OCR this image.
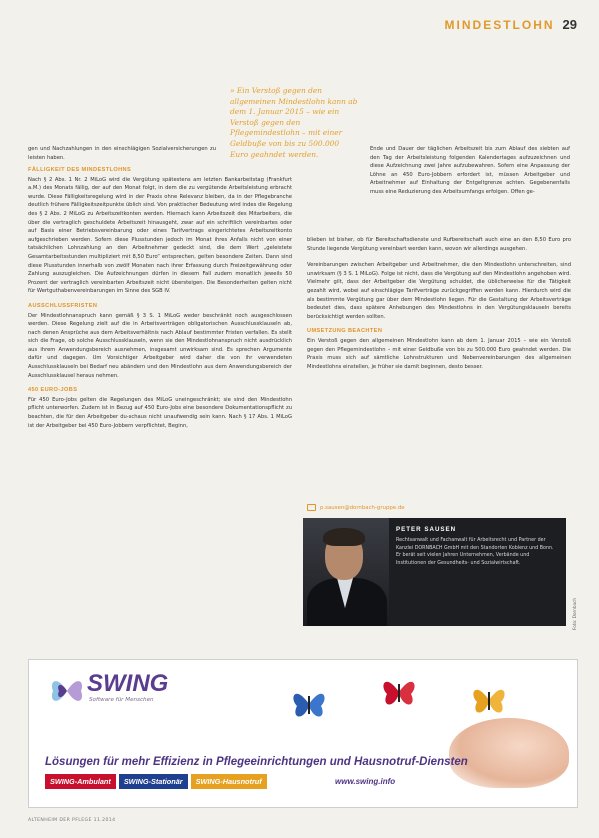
MINDESTLOHN 29

gen und Nachzahlungen in den einschlägigen Sozialversicherungen zu leisten haben.

FÄLLIGKEIT DES MINDESTLOHNS

Nach § 2 Abs. 1 Nr. 2 MiLoG wird die Vergütung spätestens am letzten Bankarbeitstag (Frankfurt a.M.) des Monats fällig, der auf den Monat folgt, in dem die zu vergütende Arbeitsleistung erbracht wurde. Diese Fälligkeitsregelung wird in der Praxis ohne Relevanz bleiben, da in der Pflegebranche deutlich frühere Fälligkeitszeitpunkte üblich sind. Von praktischer Bedeutung wird indes die Regelung des § 2 Abs. 2 MiLoG zu Arbeitszeitkonten werden. Hiernach kann Arbeitszeit des Mitarbeiters, die über die vertraglich geschuldete Arbeitszeit hinausgeht, zwar auf ein schriftlich vereinbartes oder auf Basis einer Betriebsvereinbarung oder eines Tarifvertrags eingerichtetes Arbeitszeitkonto aufgeschrieben werden. Sofern diese Plusstunden jedoch im Monat ihres Anfalls nicht von einer tatsächlichen Lohnzahlung an den Arbeitnehmer gedeckt sind, die dem Wert „geleistete Gesamtarbeitsstunden multipliziert mit 8,50 Euro“ entsprechen, gelten besondere Zeiten. Dann sind diese Plusstunden innerhalb von zwölf Monaten nach ihrer Erfassung durch Freizeitgewährung oder Zahlung auszugleichen. Die Aufzeichnungen dürfen in diesem Fall zudem monatlich jeweils 50 Prozent der vertraglich vereinbarten Arbeitszeit nicht übersteigen. Die Besonderheiten gelten nicht für Wertguthabenvereinbarungen im Sinne des SGB IV.

AUSSCHLUSSFRISTEN

Der Mindestlohnanspruch kann gemäß § 3 S. 1 MiLoG weder beschränkt noch ausgeschlossen werden. Diese Regelung zielt auf die in Arbeitsverträgen obligatorischen Ausschlussklauseln ab, nach denen Ansprüche aus dem Arbeitsverhältnis nach Ablauf bestimmter Fristen verfallen. Es stellt sich die Frage, ob solche Ausschlussklauseln, wenn sie den Mindestlohnanspruch nicht ausdrücklich aus ihrem Anwendungsbereich ausnehmen, insgesamt unwirksam sind. Es sprechen Argumente dafür und dagegen. Um Vorsichtiger Arbeitgeber wird daher die von ihr verwendeten Ausschlussklauseln bei Bedarf neu abändern und den Mindestlohn aus dem Anwendungsbereich der Ausschlussklausel heraus nehmen.

450 EURO-JOBS

Für 450 Euro-Jobs gelten die Regelungen des MiLoG uneingeschränkt; sie sind den Mindestlohn pflicht unterworfen. Zudem ist in Bezug auf 450 Euro-Jobs eine besondere Dokumentationspflicht zu beachten, die für den Arbeitgeber du-schaus nicht unaufwendig sein kann. Nach § 17 Abs. 1 MiLoG ist der Arbeitgeber bei 450 Euro-Jobbern verpflichtet, Beginn,

» Ein Verstoß gegen den allgemeinen Mindestlohn kann ab dem 1. Januar 2015 – wie ein Verstoß gegen den Pflegemindestlohn – mit einer Geldbuße von bis zu 500.000 Euro geahndet werden.

Ende und Dauer der täglichen Arbeitszeit bis zum Ablauf des siebten auf den Tag der Arbeitsleistung folgenden Kalendertages aufzuzeichnen und diese Aufzeichnung zwei Jahre aufzubewahren. Sofern eine Anpassung der Löhne an 450 Euro-Jobbern erfordert ist, müssen Arbeitgeber und Arbeitnehmer auf Einhaltung der Entgeltgrenze achten. Gegebenenfalls muss eine Reduzierung des Arbeitsumfangs erfolgen. Offen ge-

blieben ist bisher, ob für Bereitschaftsdienste und Rufbereitschaft auch eine an den 8,50 Euro pro Stunde liegende Vergütung vereinbart werden kann, wovon wir allerdings ausgehen.

Vereinbarungen zwischen Arbeitgeber und Arbeitnehmer, die den Mindestlohn unterschreiten, sind unwirksam (§ 3 S. 1 MiLoG). Folge ist nicht, dass die Vergütung auf den Mindestlohn angehoben wird. Vielmehr gilt, dass der Arbeitgeber die Vergütung schuldet, die üblicherweise für die Tätigkeit gezahlt wird, wobei auf einschlägige Tarifverträge zurückgegriffen werden kann. Hierdurch wird die als bestimmte Vergütung gar über dem Mindestlohn liegen. Für die Gestaltung der Arbeitsverträge bedeutet dies, dass spätere Anhebungen des Mindestlohns in den Vergütungsklauseln bereits berücksichtigt werden sollten.

UMSETZUNG BEACHTEN

Ein Verstoß gegen den allgemeinen Mindestlohn kann ab dem 1. Januar 2015 – wie ein Verstoß gegen den Pflegemindestlohn – mit einer Geldbuße von bis zu 500.000 Euro geahndet werden. Die Praxis muss sich auf sämtliche Lohnstrukturen und Nebenvereinbarungen des allgemeinen Mindestlohns einstellen, je früher sie damit beginnen, desto besser.

p.sausen@dornbach-gruppe.de
PETER SAUSEN
Rechtsanwalt und Fachanwalt für Arbeitsrecht und Partner der Kanzlei DORNBACH GmbH mit den Standorten Koblenz und Bonn. Er berät seit vielen Jahren Unternehmen, Verbände und Institutionen der Gesundheits- und Sozialwirtschaft.
Foto: Dornbach
SWING
Software für Menschen
Lösungen für mehr Effizienz in Pflegeeinrichtungen und Hausnotruf-Diensten
SWING-Ambulant	SWING-Stationär	SWING-Hausnotruf	www.swing.info
ALTENHEIM DER PFLEGE 11.2014
